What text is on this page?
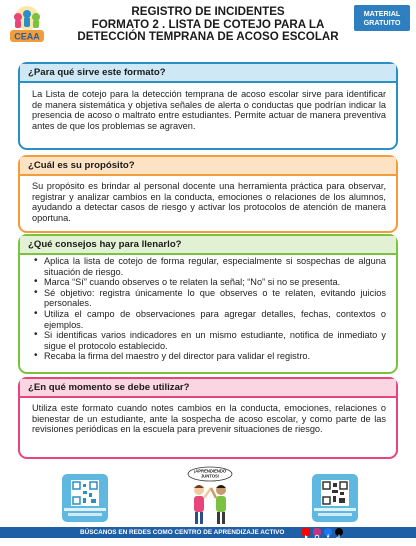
CEAA
REGISTRO DE INCIDENTES
FORMATO 2 . LISTA DE COTEJO PARA LA
DETECCIÓN TEMPRANA DE ACOSO ESCOLAR
MATERIAL
GRATUITO
¿Para qué sirve este formato?
La Lista de cotejo para la detección temprana de acoso escolar sirve para identificar de manera sistemática y objetiva señales de alerta o conductas que podrían indicar la presencia de acoso o maltrato entre estudiantes. Permite actuar de manera preventiva antes de que los problemas se agraven.
¿Cuál es su propósito?
Su propósito es brindar al personal docente una herramienta práctica para observar, registrar y analizar cambios en la conducta, emociones o relaciones de los alumnos, ayudando a detectar casos de riesgo y activar los protocolos de atención de manera oportuna.
¿Qué consejos hay para llenarlo?
• Aplica la lista de cotejo de forma regular, especialmente si sospechas de alguna situación de riesgo.
• Marca “Sí” cuando observes o te relaten la señal; “No” si no se presenta.
• Sé objetivo: registra únicamente lo que observes o te relaten, evitando juicios personales.
• Utiliza el campo de observaciones para agregar detalles, fechas, contextos o ejemplos.
• Si identificas varios indicadores en un mismo estudiante, notifica de inmediato y sigue el protocolo establecido.
• Recaba la firma del maestro y del director para validar el registro.
¿En qué momento se debe utilizar?
Utiliza este formato cuando notes cambios en la conducta, emociones, relaciones o bienestar de un estudiante, ante la sospecha de acoso escolar, y como parte de las revisiones periódicas en la escuela para prevenir situaciones de riesgo.
¡APRENDIENDO
JUNTOS!
BÚSCANOS EN REDES COMO CENTRO DE APRENDIZAJE ACTIVO
f
